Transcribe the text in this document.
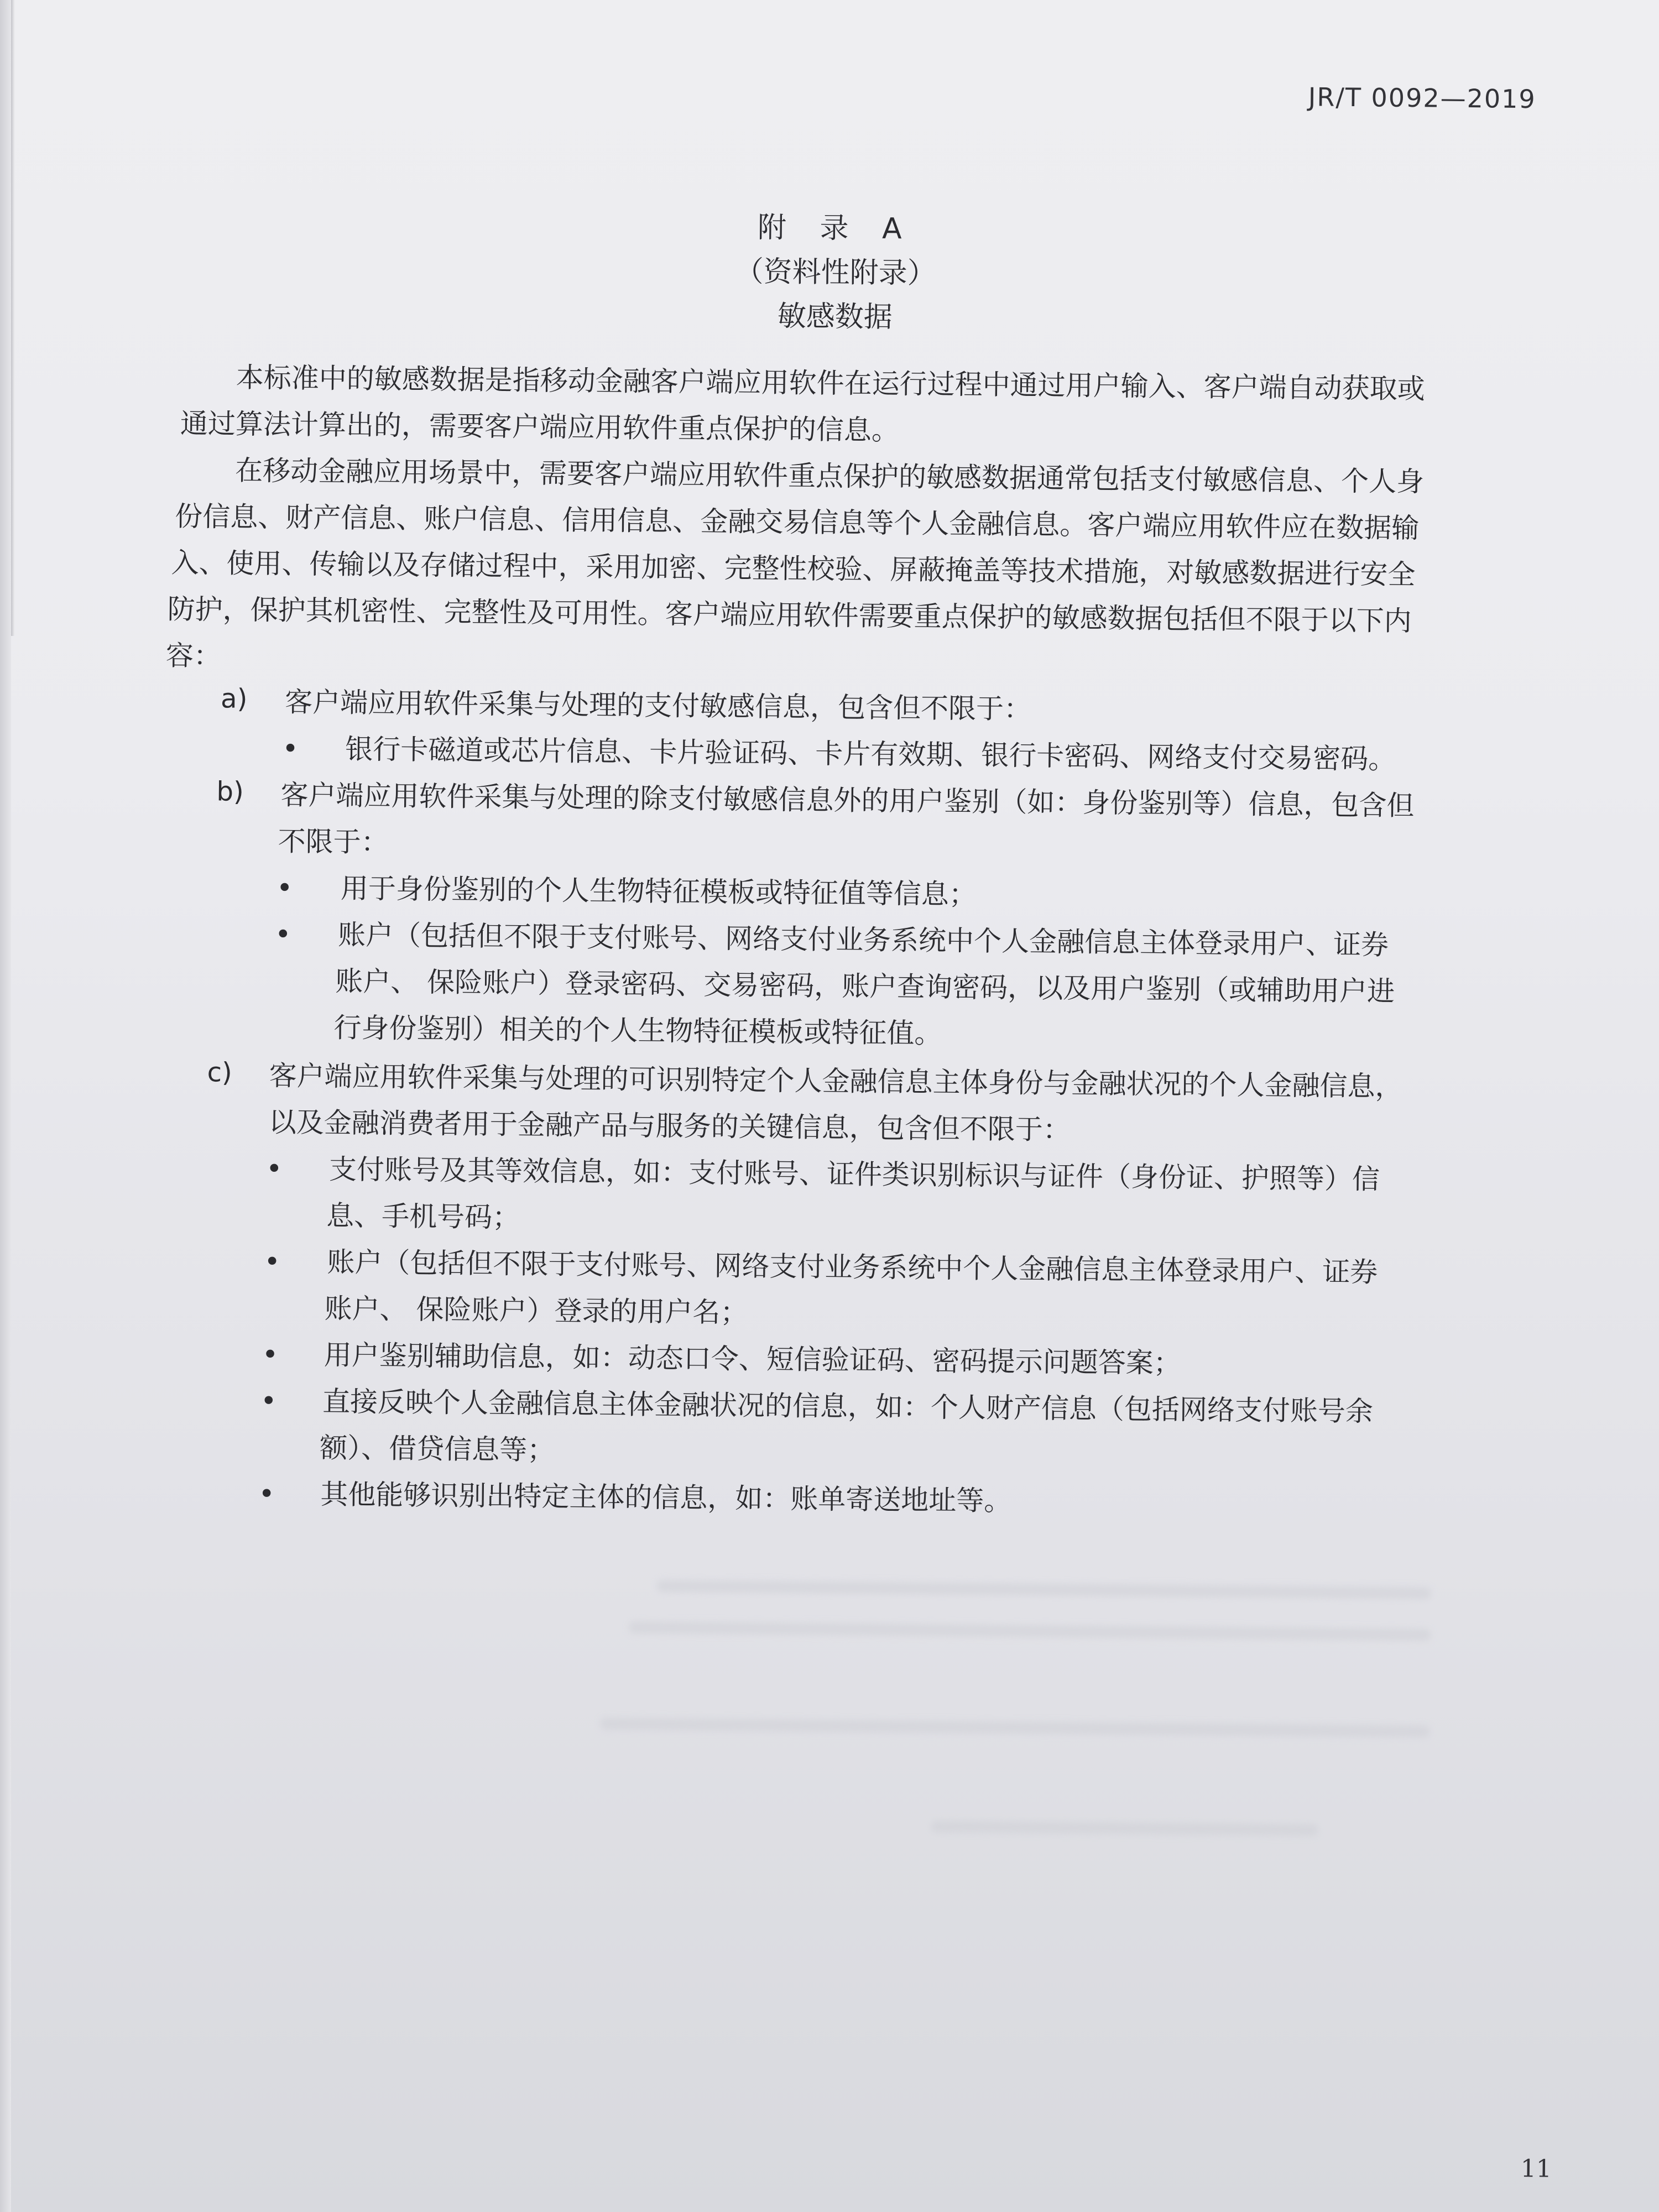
JR/T 0092—2019
附 录 A
（资料性附录）
敏感数据
本标准中的敏感数据是指移动金融客户端应用软件在运行过程中通过用户输入、客户端自动获取或
通过算法计算出的，需要客户端应用软件重点保护的信息。
在移动金融应用场景中，需要客户端应用软件重点保护的敏感数据通常包括支付敏感信息、个人身
份信息、财产信息、账户信息、信用信息、金融交易信息等个人金融信息。客户端应用软件应在数据输
入、使用、传输以及存储过程中，采用加密、完整性校验、屏蔽掩盖等技术措施，对敏感数据进行安全
防护，保护其机密性、完整性及可用性。客户端应用软件需要重点保护的敏感数据包括但不限于以下内
容：
a) 客户端应用软件采集与处理的支付敏感信息，包含但不限于：
• 银行卡磁道或芯片信息、卡片验证码、卡片有效期、银行卡密码、网络支付交易密码。
b) 客户端应用软件采集与处理的除支付敏感信息外的用户鉴别（如：身份鉴别等）信息，包含但
不限于：
• 用于身份鉴别的个人生物特征模板或特征值等信息；
• 账户（包括但不限于支付账号、网络支付业务系统中个人金融信息主体登录用户、证券
账户、 保险账户）登录密码、交易密码，账户查询密码，以及用户鉴别（或辅助用户进
行身份鉴别）相关的个人生物特征模板或特征值。
c) 客户端应用软件采集与处理的可识别特定个人金融信息主体身份与金融状况的个人金融信息，
以及金融消费者用于金融产品与服务的关键信息，包含但不限于：
• 支付账号及其等效信息，如：支付账号、证件类识别标识与证件（身份证、护照等）信
息、手机号码；
• 账户（包括但不限于支付账号、网络支付业务系统中个人金融信息主体登录用户、证券
账户、 保险账户）登录的用户名；
• 用户鉴别辅助信息，如：动态口令、短信验证码、密码提示问题答案；
• 直接反映个人金融信息主体金融状况的信息，如：个人财产信息（包括网络支付账号余
额）、借贷信息等；
• 其他能够识别出特定主体的信息，如：账单寄送地址等。
11
